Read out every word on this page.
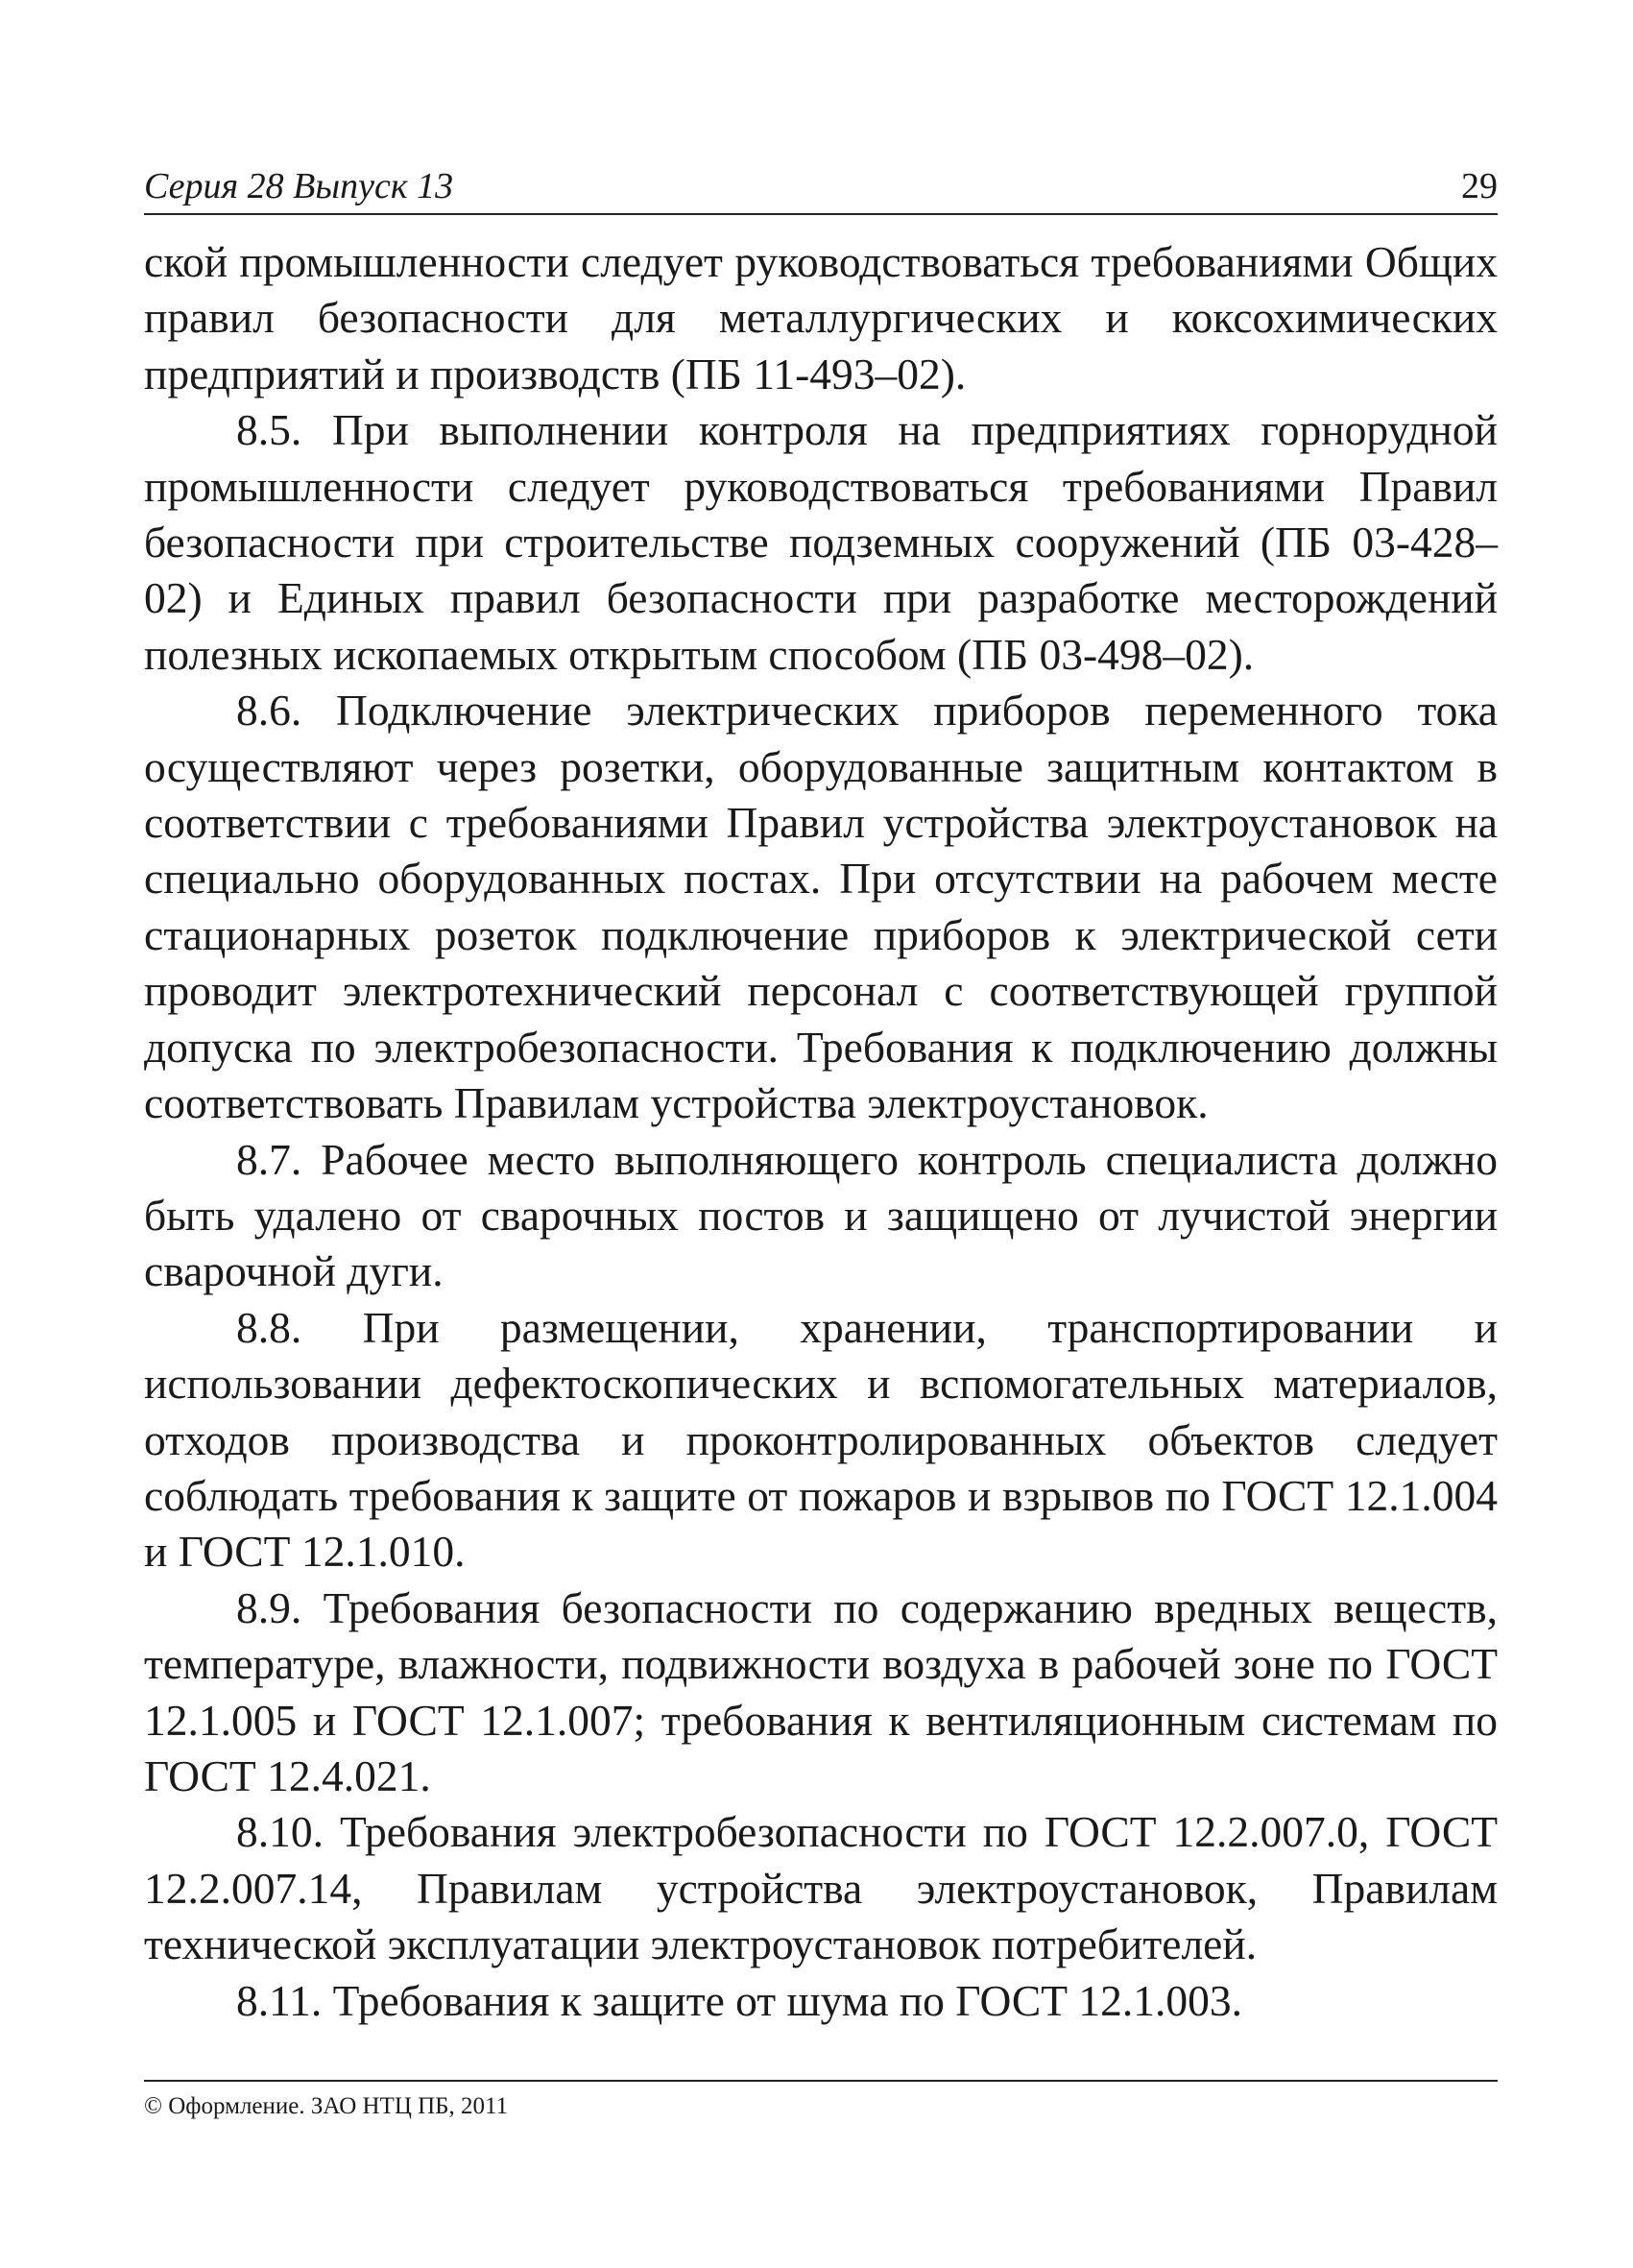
Серия 28 Выпуск 13	29

ской промышленности следует руководствоваться требованиями Общих правил безопасности для металлургических и коксохимических предприятий и производств (ПБ 11-493–02).

8.5. При выполнении контроля на предприятиях горнорудной промышленности следует руководствоваться требованиями Правил безопасности при строительстве подземных сооружений (ПБ 03-428–02) и Единых правил безопасности при разработке месторождений полезных ископаемых открытым способом (ПБ 03-498–02).

8.6. Подключение электрических приборов переменного тока осуществляют через розетки, оборудованные защитным контактом в соответствии с требованиями Правил устройства электроустановок на специально оборудованных постах. При отсутствии на рабочем месте стационарных розеток подключение приборов к электрической сети проводит электротехнический персонал с соответствующей группой допуска по электробезопасности. Требования к подключению должны соответствовать Правилам устройства электроустановок.

8.7. Рабочее место выполняющего контроль специалиста должно быть удалено от сварочных постов и защищено от лучистой энергии сварочной дуги.

8.8. При размещении, хранении, транспортировании и использовании дефектоскопических и вспомогательных материалов, отходов производства и проконтролированных объектов следует соблюдать требования к защите от пожаров и взрывов по ГОСТ 12.1.004 и ГОСТ 12.1.010.

8.9. Требования безопасности по содержанию вредных веществ, температуре, влажности, подвижности воздуха в рабочей зоне по ГОСТ 12.1.005 и ГОСТ 12.1.007; требования к вентиляционным системам по ГОСТ 12.4.021.

8.10. Требования электробезопасности по ГОСТ 12.2.007.0, ГОСТ 12.2.007.14, Правилам устройства электроустановок, Правилам технической эксплуатации электроустановок потребителей.

8.11. Требования к защите от шума по ГОСТ 12.1.003.

© Оформление. ЗАО НТЦ ПБ, 2011
